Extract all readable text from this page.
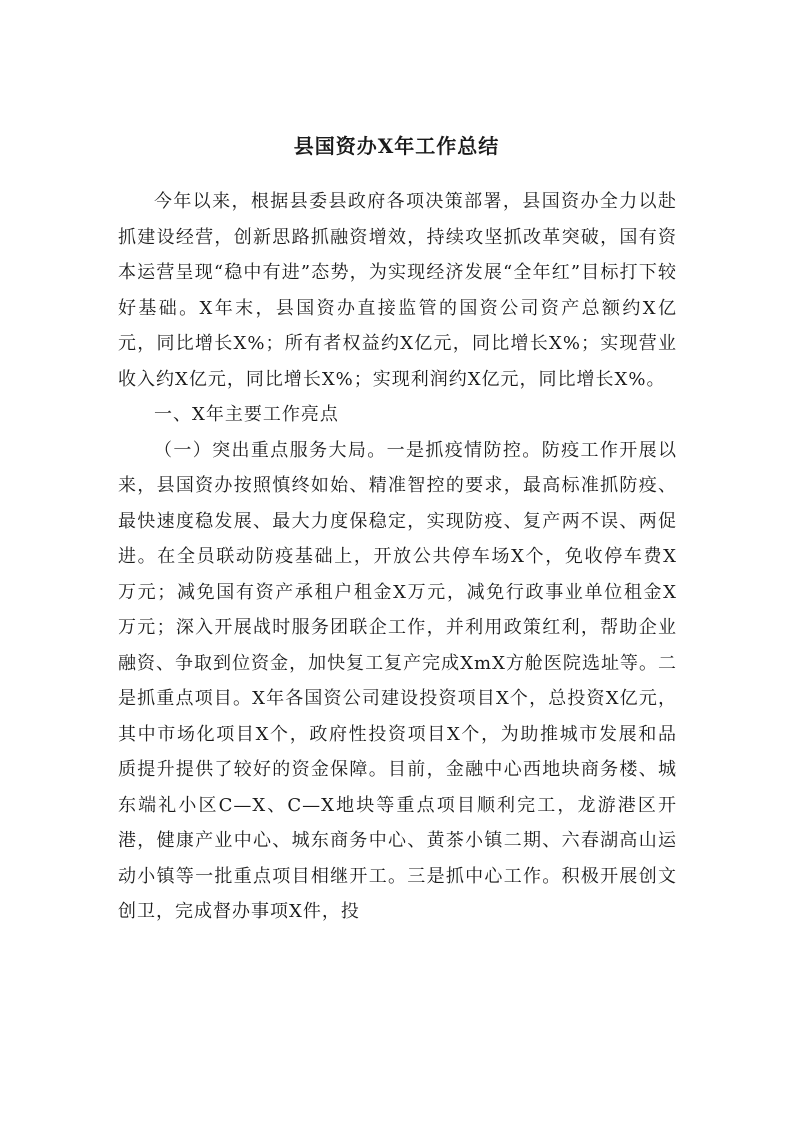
县国资办X年工作总结

今年以来，根据县委县政府各项决策部署，县国资办全力以赴抓建设经营，创新思路抓融资增效，持续攻坚抓改革突破，国有资本运营呈现“稳中有进”态势，为实现经济发展“全年红”目标打下较好基础。X年末，县国资办直接监管的国资公司资产总额约X亿元，同比增长X%；所有者权益约X亿元，同比增长X%；实现营业收入约X亿元，同比增长X%；实现利润约X亿元，同比增长X%。

一、X年主要工作亮点

（一）突出重点服务大局。一是抓疫情防控。防疫工作开展以来，县国资办按照慎终如始、精准智控的要求，最高标准抓防疫、最快速度稳发展、最大力度保稳定，实现防疫、复产两不误、两促进。在全员联动防疫基础上，开放公共停车场X个，免收停车费X万元；减免国有资产承租户租金X万元，减免行政事业单位租金X万元；深入开展战时服务团联企工作，并利用政策红利，帮助企业融资、争取到位资金，加快复工复产完成XmX方舱医院选址等。二是抓重点项目。X年各国资公司建设投资项目X个，总投资X亿元，其中市场化项目X个，政府性投资项目X个，为助推城市发展和品质提升提供了较好的资金保障。目前，金融中心西地块商务楼、城东端礼小区C—X、C—X地块等重点项目顺利完工，龙游港区开港，健康产业中心、城东商务中心、黄茶小镇二期、六春湖高山运动小镇等一批重点项目相继开工。三是抓中心工作。积极开展创文创卫，完成督办事项X件，投
